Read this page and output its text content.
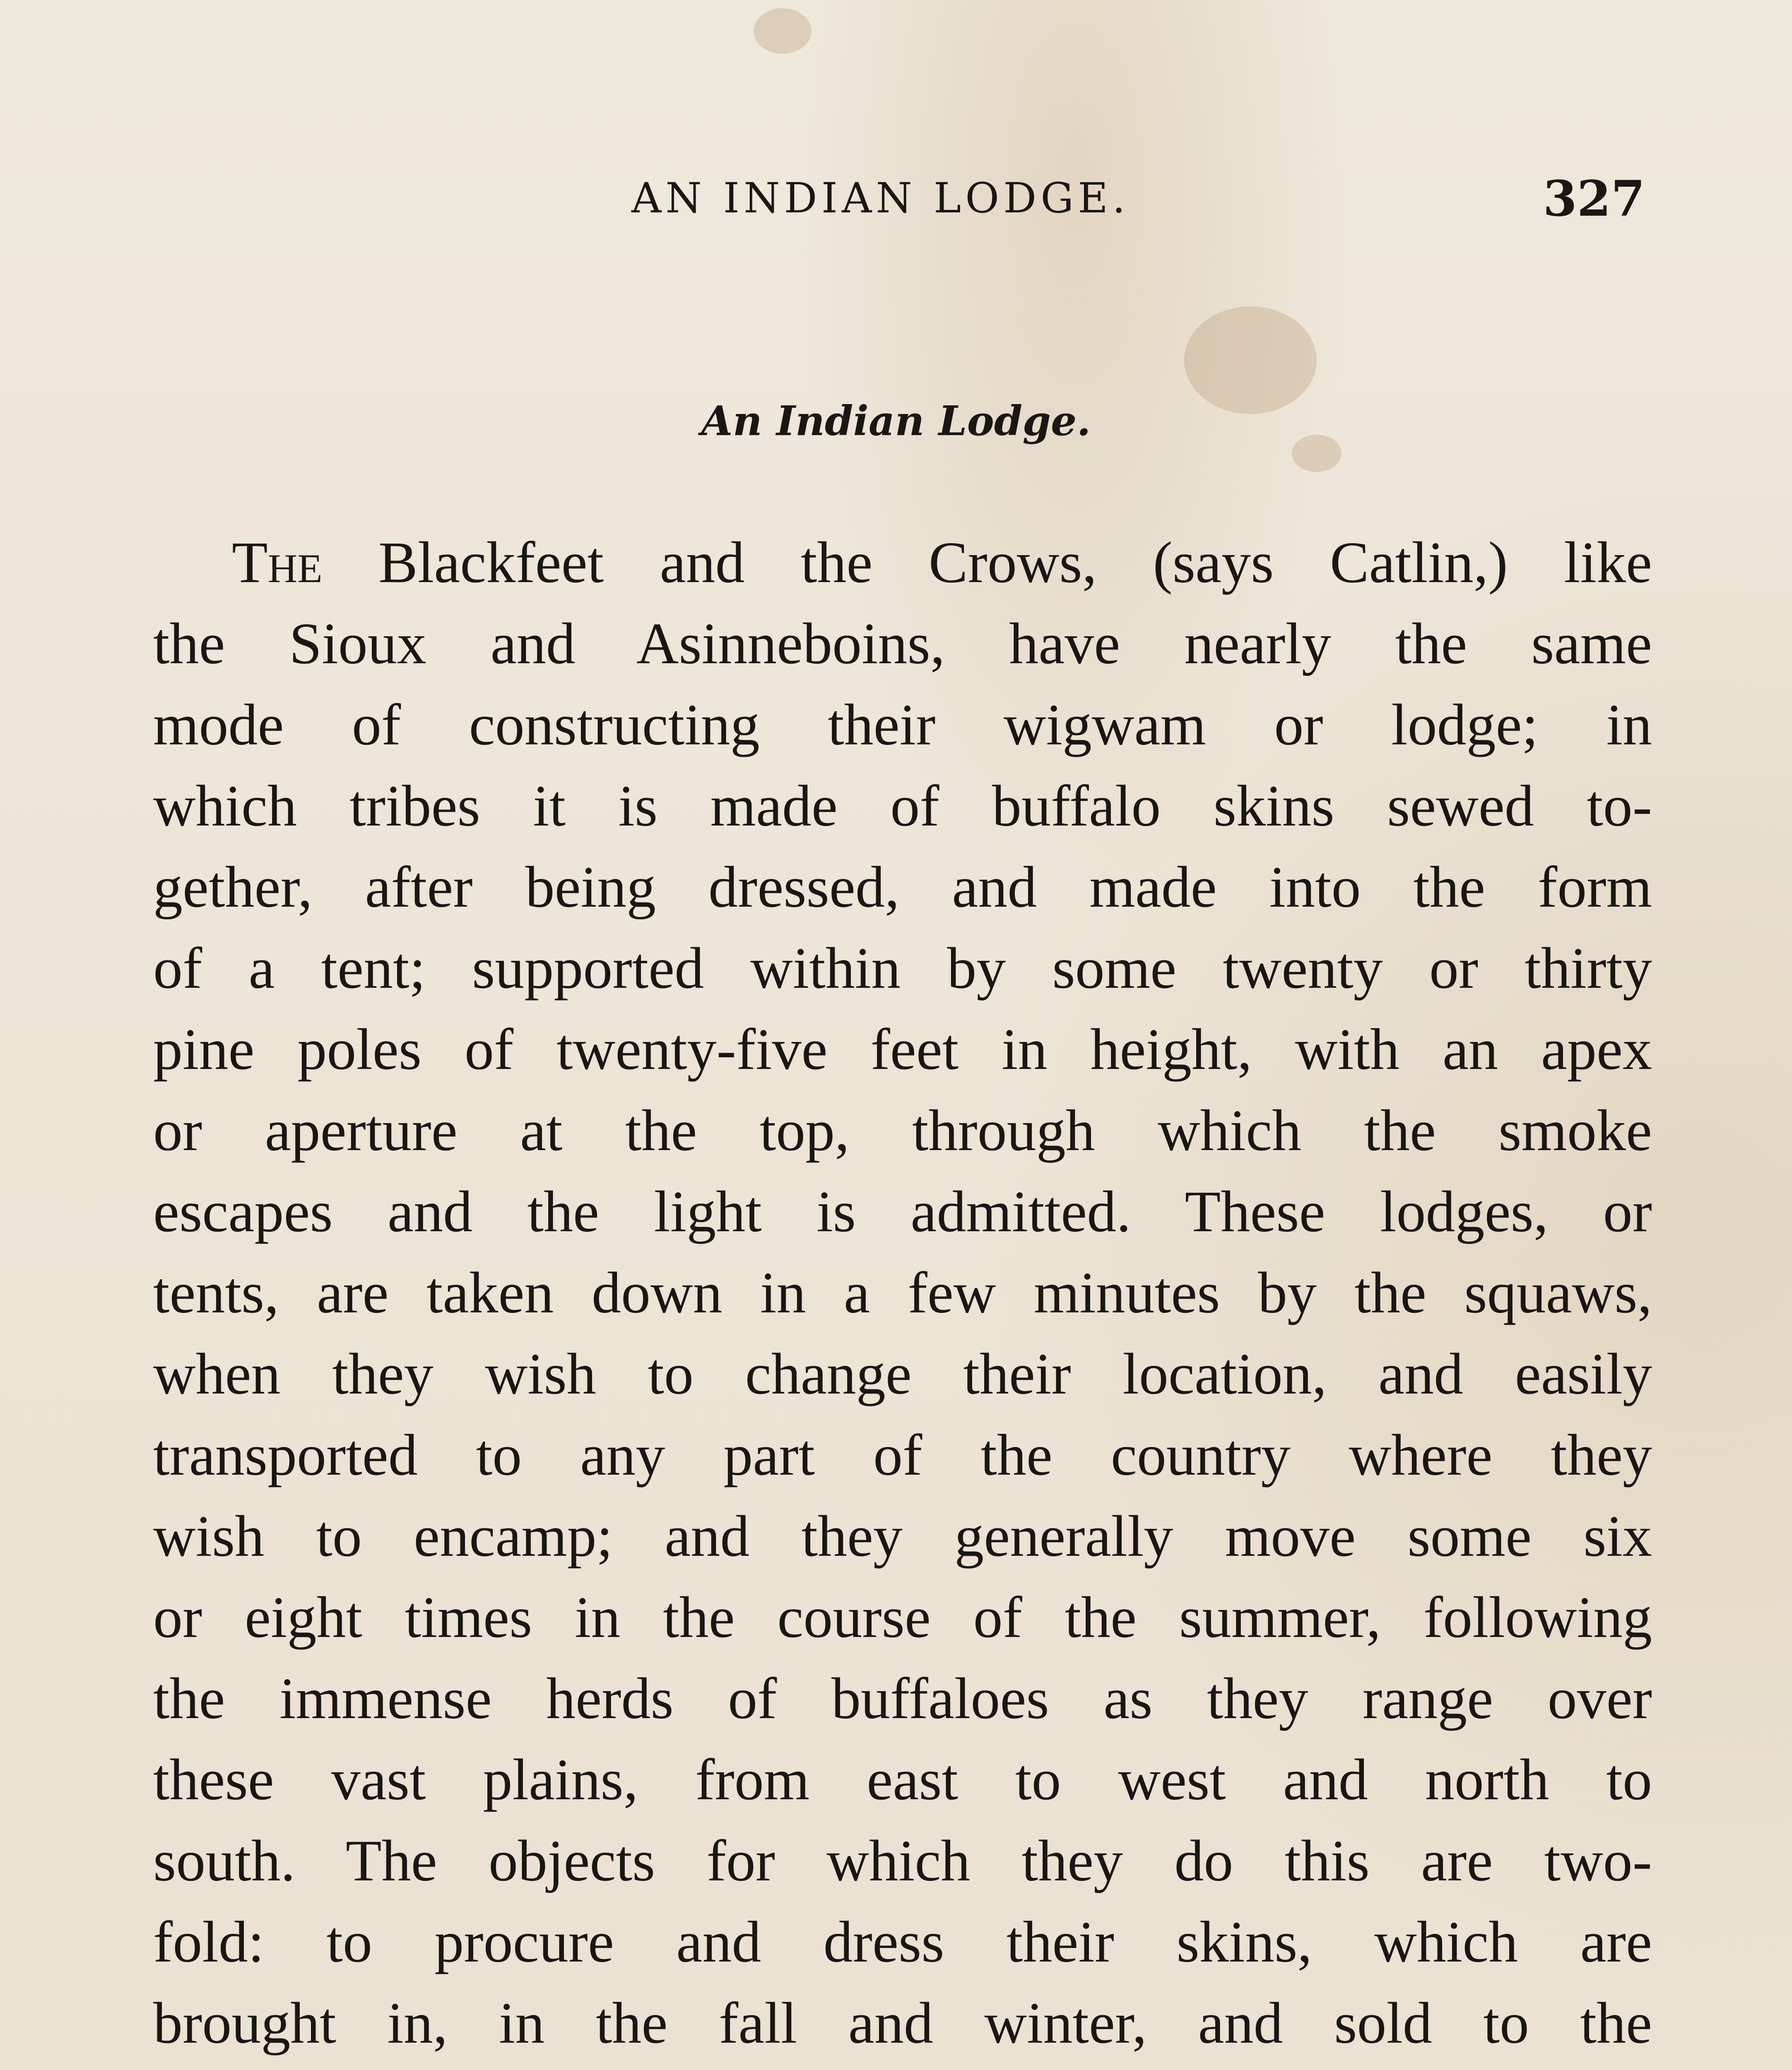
AN INDIAN LODGE.	327
An Indian Lodge.
The Blackfeet and the Crows, (says Catlin,) like
the Sioux and Asinneboins, have nearly the same
mode of constructing their wigwam or lodge; in
which tribes it is made of buffalo skins sewed to-
gether, after being dressed, and made into the form
of a tent; supported within by some twenty or thirty
pine poles of twenty-five feet in height, with an apex
or aperture at the top, through which the smoke
escapes and the light is admitted. These lodges, or
tents, are taken down in a few minutes by the squaws,
when they wish to change their location, and easily
transported to any part of the country where they
wish to encamp; and they generally move some six
or eight times in the course of the summer, following
the immense herds of buffaloes as they range over
these vast plains, from east to west and north to
south. The objects for which they do this are two-
fold: to procure and dress their skins, which are
brought in, in the fall and winter, and sold to the
